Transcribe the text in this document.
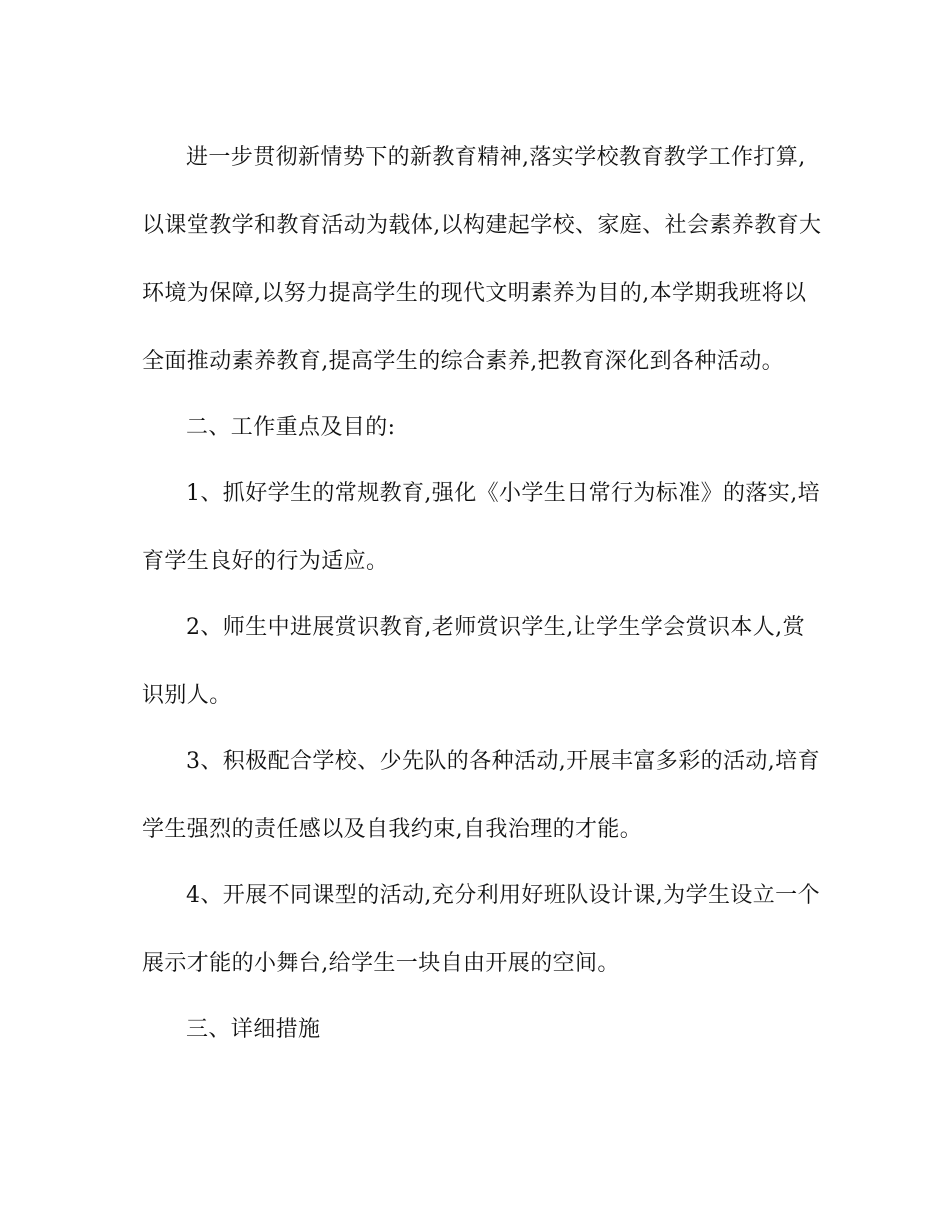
进一步贯彻新情势下的新教育精神,落实学校教育教学工作打算,
以课堂教学和教育活动为载体,以构建起学校、家庭、社会素养教育大
环境为保障,以努力提高学生的现代文明素养为目的,本学期我班将以
全面推动素养教育,提高学生的综合素养,把教育深化到各种活动。
二、工作重点及目的:
1、抓好学生的常规教育,强化《小学生日常行为标准》的落实,培
育学生良好的行为适应。
2、师生中进展赏识教育,老师赏识学生,让学生学会赏识本人,赏
识别人。
3、积极配合学校、少先队的各种活动,开展丰富多彩的活动,培育
学生强烈的责任感以及自我约束,自我治理的才能。
4、开展不同课型的活动,充分利用好班队设计课,为学生设立一个
展示才能的小舞台,给学生一块自由开展的空间。
三、详细措施
